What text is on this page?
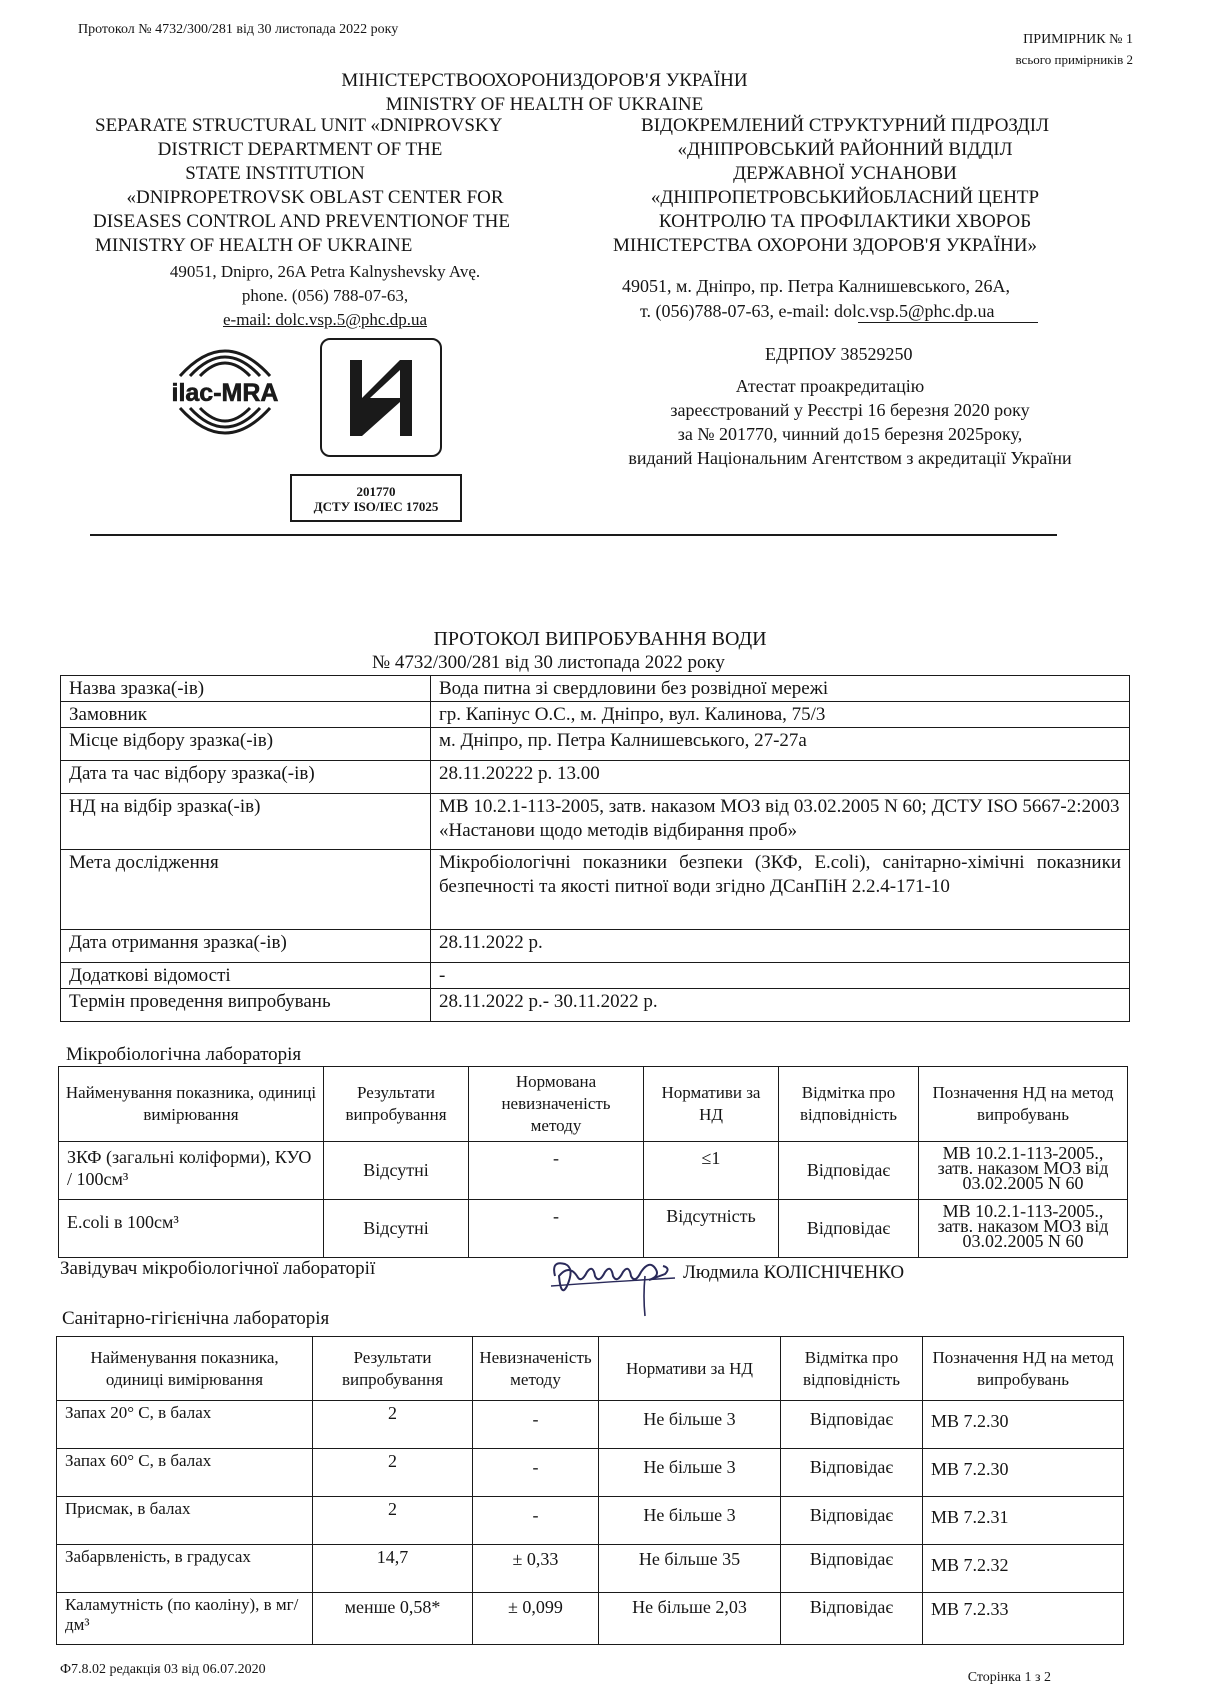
Протокол № 4732/300/281 від 30 листопада 2022 року
ПРИМІРНИК № 1
всього примірників 2
МІНІСТЕРСТВООХОРОНИЗДОРОВ'Я УКРАЇНИ
MINISTRY OF HEALTH OF UKRAINE
SEPARATE STRUCTURAL UNIT «DNIPROVSKY
DISTRICT DEPARTMENT OF THE
STATE INSTITUTION
«DNIPROPETROVSK OBLAST CENTER FOR
DISEASES CONTROL AND PREVENTIONOF THE
MINISTRY OF HEALTH OF UKRAINE
49051, Dnipro, 26A Petra Kalnyshevsky Avę.
phone. (056) 788-07-63,
e-mail: dolc.vsp.5@phc.dp.ua
ВІДОКРЕМЛЕНИЙ СТРУКТУРНИЙ ПІДРОЗДІЛ
«ДНІПРОВСЬКИЙ РАЙОННИЙ ВІДДІЛ
ДЕРЖАВНОЇ УСНАНОВИ
«ДНІПРОПЕТРОВСЬКИЙОБЛАСНИЙ ЦЕНТР
КОНТРОЛЮ ТА ПРОФІЛАКТИКИ ХВОРОБ
МІНІСТЕРСТВА ОХОРОНИ ЗДОРОВ'Я УКРАЇНИ»
49051, м. Дніпро, пр. Петра Калнишевського, 26А,
т. (056)788-07-63, e-mail: dolc.vsp.5@phc.dp.ua
ЕДРПОУ 38529250
Атестат проакредитацію
зареєстрований у Реєстрі 16 березня 2020 року
за № 201770, чинний до15 березня 2025року,
виданий Національним Агентством з акредитації України
ilac-MRA
201770
ДСТУ ISO/IEC 17025
ПРОТОКОЛ ВИПРОБУВАННЯ ВОДИ
№ 4732/300/281 від 30 листопада 2022 року
Назва зразка(-ів)	Вода питна зі свердловини без розвідної мережі
Замовник	гр. Капінус О.С., м. Дніпро, вул. Калинова, 75/3
Місце відбору зразка(-ів)	м. Дніпро, пр. Петра Калнишевського, 27-27а
Дата та час відбору зразка(-ів)	28.11.20222 р. 13.00
НД на відбір зразка(-ів)	МВ 10.2.1-113-2005, затв. наказом МОЗ від 03.02.2005 N 60; ДСТУ ISO 5667-2:2003 «Настанови щодо методів відбирання проб»
Мета дослідження	Мікробіологічні показники безпеки (ЗКФ, E.coli), санітарно-хімічні показники безпечності та якості питної води згідно ДСанПіН 2.2.4-171-10
Дата отримання зразка(-ів)	28.11.2022 р.
Додаткові відомості	-
Термін проведення випробувань	28.11.2022 р.- 30.11.2022 р.
Мікробіологічна лабораторія
Найменування показника, одиниці вимірювання	Результати випробування	Нормована невизначеність методу	Нормативи за НД	Відмітка про відповідність	Позначення НД на метод випробувань
ЗКФ (загальні коліформи), КУО / 100см³	Відсутні	-	≤1	Відповідає	МВ 10.2.1-113-2005., затв. наказом МОЗ від 03.02.2005 N 60
E.coli в 100см³	Відсутні	-	Відсутність	Відповідає	МВ 10.2.1-113-2005., затв. наказом МОЗ від 03.02.2005 N 60
Завідувач мікробіологічної лабораторії	Людмила КОЛІСНІЧЕНКО
Санітарно-гігієнічна лабораторія
Найменування показника, одиниці вимірювання	Результати випробування	Невизначеність методу	Нормативи за НД	Відмітка про відповідність	Позначення НД на метод випробувань
Запах 20° С, в балах	2	-	Не більше 3	Відповідає	МВ 7.2.30
Запах 60° С, в балах	2	-	Не більше 3	Відповідає	МВ 7.2.30
Присмак, в балах	2	-	Не більше 3	Відповідає	МВ 7.2.31
Забарвленість, в градусах	14,7	± 0,33	Не більше 35	Відповідає	МВ 7.2.32
Каламутність (по каоліну), в мг/дм³	менше 0,58*	± 0,099	Не більше 2,03	Відповідає	МВ 7.2.33
Ф7.8.02 редакція 03 від 06.07.2020
Сторінка 1 з 2
